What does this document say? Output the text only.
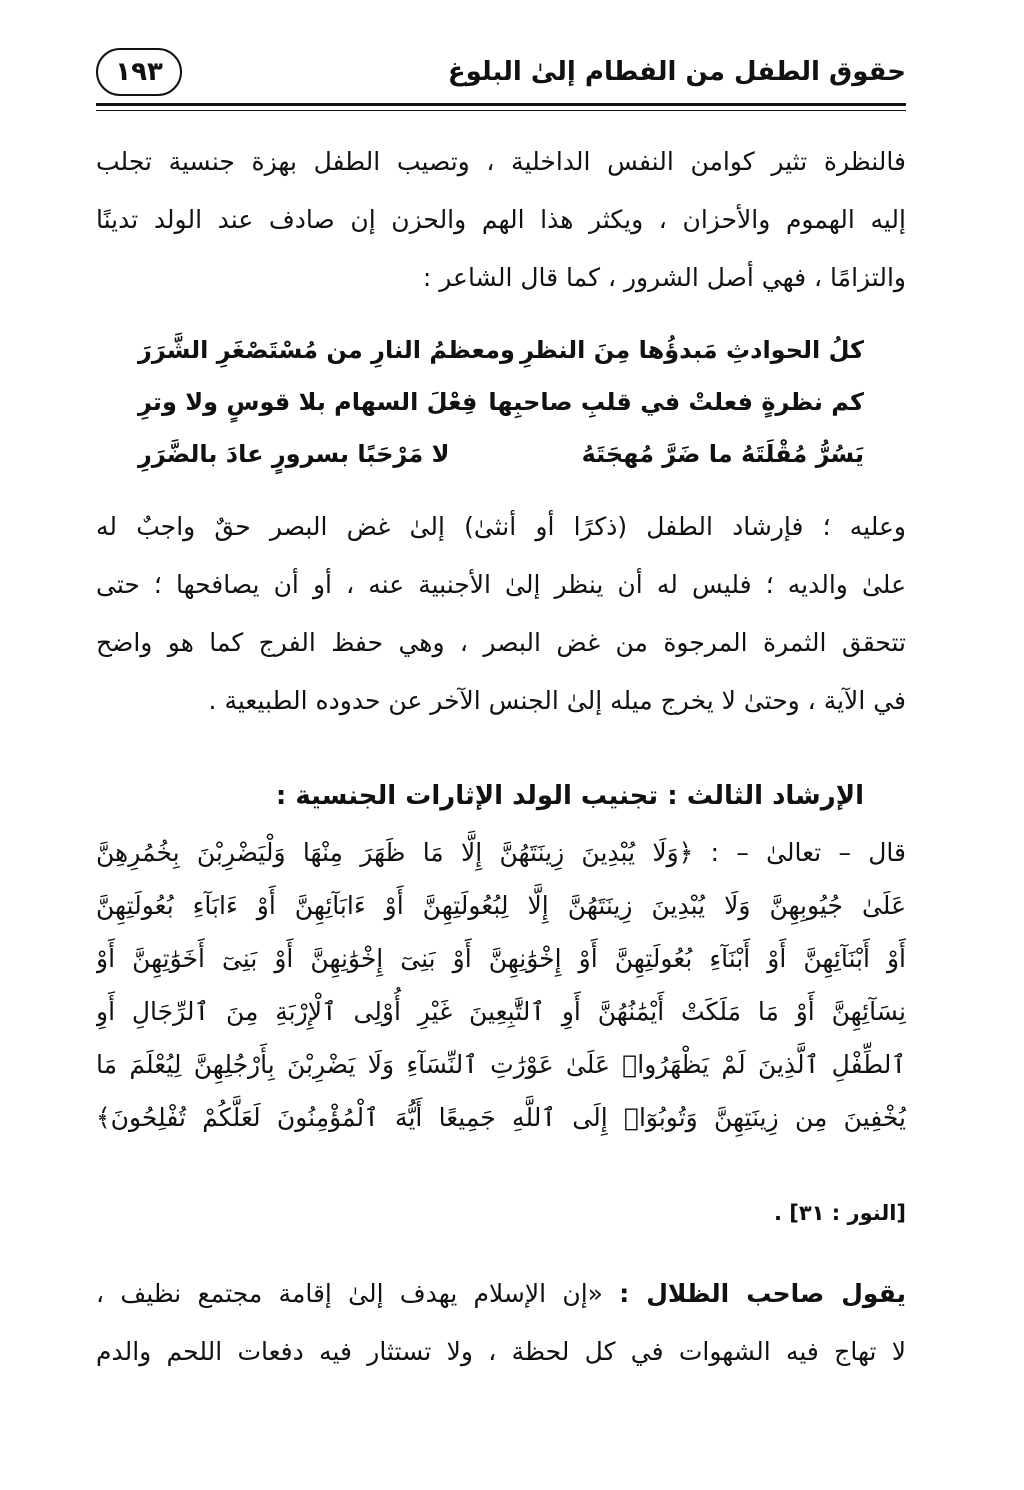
حقوق الطفل من الفطام إلىٰ البلوغ
١٩٣
فالنظرة تثير كوامن النفس الداخلية ، وتصيب الطفل بهزة جنسية تجلب
إليه الهموم والأحزان ، ويكثر هذا الهم والحزن إن صادف عند الولد تدينًا
والتزامًا ، فهي أصل الشرور ، كما قال الشاعر :
كلُ الحوادثِ مَبدؤُها مِنَ النظرِ
ومعظمُ النارِ من مُسْتَصْغَرِ الشَّرَرَ
كم نظرةٍ فعلتْ في قلبِ صاحبِها
فِعْلَ السهام بلا قوسٍ ولا وترِ
يَسُرُّ مُقْلَتَهُ ما ضَرَّ مُهجَتَهُ
لا مَرْحَبًا بسرورٍ عادَ بالضَّرَرِ
وعليه ؛ فإرشاد الطفل (ذكرًا أو أنثىٰ) إلىٰ غض البصر حقٌ واجبٌ له
علىٰ والديه ؛ فليس له أن ينظر إلىٰ الأجنبية عنه ، أو أن يصافحها ؛ حتى
تتحقق الثمرة المرجوة من غض البصر ، وهي حفظ الفرج كما هو واضح
في الآية ، وحتىٰ لا يخرج ميله إلىٰ الجنس الآخر عن حدوده الطبيعية .
الإرشاد الثالث : تجنيب الولد الإثارات الجنسية :
قال – تعالىٰ – : ﴿وَلَا يُبْدِينَ زِينَتَهُنَّ إِلَّا مَا ظَهَرَ مِنْهَا وَلْيَضْرِبْنَ بِخُمُرِهِنَّ
عَلَىٰ جُيُوبِهِنَّ وَلَا يُبْدِينَ زِينَتَهُنَّ إِلَّا لِبُعُولَتِهِنَّ أَوْ ءَابَآئِهِنَّ أَوْ ءَابَآءِ بُعُولَتِهِنَّ
أَوْ أَبْنَآئِهِنَّ أَوْ أَبْنَآءِ بُعُولَتِهِنَّ أَوْ إِخْوَٰنِهِنَّ أَوْ بَنِىٓ إِخْوَٰنِهِنَّ أَوْ بَنِىٓ أَخَوَٰتِهِنَّ أَوْ
نِسَآئِهِنَّ أَوْ مَا مَلَكَتْ أَيْمَٰنُهُنَّ أَوِ ٱلتَّٰبِعِينَ غَيْرِ أُوْلِى ٱلْإِرْبَةِ مِنَ ٱلرِّجَالِ أَوِ
ٱلطِّفْلِ ٱلَّذِينَ لَمْ يَظْهَرُوا۟ عَلَىٰ عَوْرَٰتِ ٱلنِّسَآءِ وَلَا يَضْرِبْنَ بِأَرْجُلِهِنَّ لِيُعْلَمَ مَا
يُخْفِينَ مِن زِينَتِهِنَّ وَتُوبُوٓا۟ إِلَى ٱللَّهِ جَمِيعًا أَيُّهَ ٱلْمُؤْمِنُونَ لَعَلَّكُمْ تُفْلِحُونَ﴾
[النور : ٣١] .
يقول صاحب الظلال : «إن الإسلام يهدف إلىٰ إقامة مجتمع نظيف ،
لا تهاج فيه الشهوات في كل لحظة ، ولا تستثار فيه دفعات اللحم والدم
